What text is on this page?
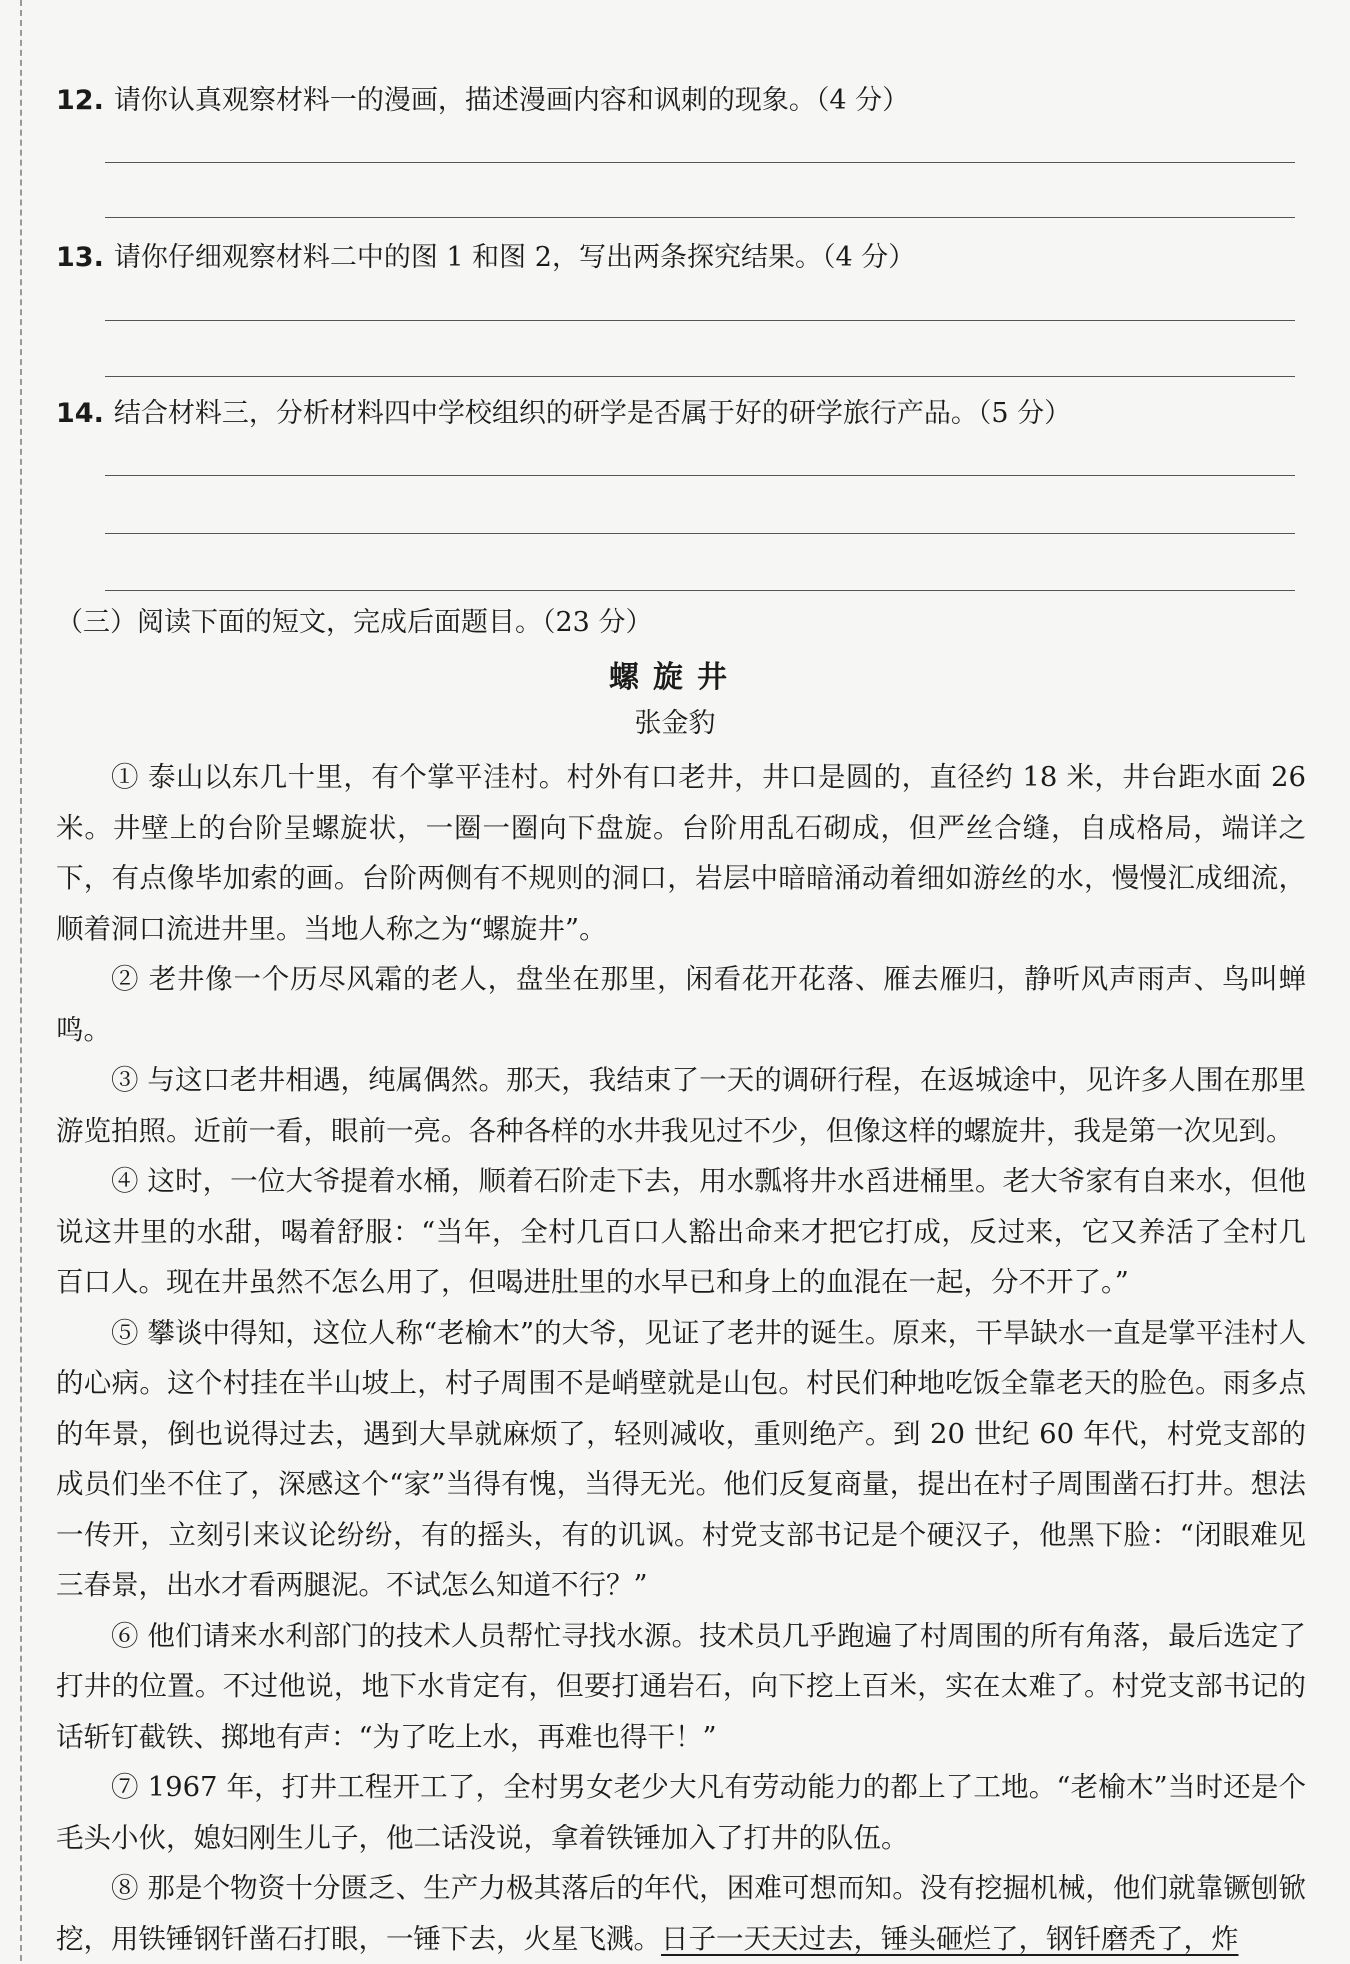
12. 请你认真观察材料一的漫画，描述漫画内容和讽刺的现象。（4 分）
13. 请你仔细观察材料二中的图 1 和图 2，写出两条探究结果。（4 分）
14. 结合材料三，分析材料四中学校组织的研学是否属于好的研学旅行产品。（5 分）
（三）阅读下面的短文，完成后面题目。（23 分）
螺旋井
张金豹

① 泰山以东几十里，有个掌平洼村。村外有口老井，井口是圆的，直径约 18 米，井台距水面 26 米。井壁上的台阶呈螺旋状，一圈一圈向下盘旋。台阶用乱石砌成，但严丝合缝，自成格局，端详之下，有点像毕加索的画。台阶两侧有不规则的洞口，岩层中暗暗涌动着细如游丝的水，慢慢汇成细流，顺着洞口流进井里。当地人称之为“螺旋井”。

② 老井像一个历尽风霜的老人，盘坐在那里，闲看花开花落、雁去雁归，静听风声雨声、鸟叫蝉鸣。

③ 与这口老井相遇，纯属偶然。那天，我结束了一天的调研行程，在返城途中，见许多人围在那里游览拍照。近前一看，眼前一亮。各种各样的水井我见过不少，但像这样的螺旋井，我是第一次见到。

④ 这时，一位大爷提着水桶，顺着石阶走下去，用水瓢将井水舀进桶里。老大爷家有自来水，但他说这井里的水甜，喝着舒服：“当年，全村几百口人豁出命来才把它打成，反过来，它又养活了全村几百口人。现在井虽然不怎么用了，但喝进肚里的水早已和身上的血混在一起，分不开了。”

⑤ 攀谈中得知，这位人称“老榆木”的大爷，见证了老井的诞生。原来，干旱缺水一直是掌平洼村人的心病。这个村挂在半山坡上，村子周围不是峭壁就是山包。村民们种地吃饭全靠老天的脸色。雨多点的年景，倒也说得过去，遇到大旱就麻烦了，轻则减收，重则绝产。到 20 世纪 60 年代，村党支部的成员们坐不住了，深感这个“家”当得有愧，当得无光。他们反复商量，提出在村子周围凿石打井。想法一传开，立刻引来议论纷纷，有的摇头，有的讥讽。村党支部书记是个硬汉子，他黑下脸：“闭眼难见三春景，出水才看两腿泥。不试怎么知道不行？”

⑥ 他们请来水利部门的技术人员帮忙寻找水源。技术员几乎跑遍了村周围的所有角落，最后选定了打井的位置。不过他说，地下水肯定有，但要打通岩石，向下挖上百米，实在太难了。村党支部书记的话斩钉截铁、掷地有声：“为了吃上水，再难也得干！”

⑦ 1967 年，打井工程开工了，全村男女老少大凡有劳动能力的都上了工地。“老榆木”当时还是个毛头小伙，媳妇刚生儿子，他二话没说，拿着铁锤加入了打井的队伍。

⑧ 那是个物资十分匮乏、生产力极其落后的年代，困难可想而知。没有挖掘机械，他们就靠镢刨锨挖，用铁锤钢钎凿石打眼，一锤下去，火星飞溅。日子一天天过去，锤头砸烂了，钢钎磨秃了，炸
